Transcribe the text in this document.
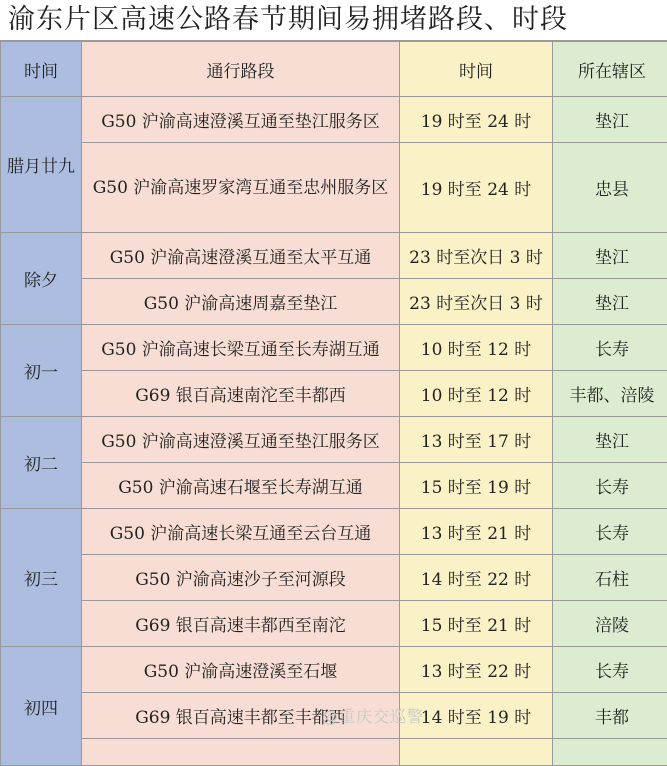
渝东片区高速公路春节期间易拥堵路段、时段
时间	通行路段	时间	所在辖区
腊月廿九	G50 沪渝高速澄溪互通至垫江服务区	19 时至 24 时	垫江
	G50 沪渝高速罗家湾互通至忠州服务区	19 时至 24 时	忠县
除夕	G50 沪渝高速澄溪互通至太平互通	23 时至次日 3 时	垫江
	G50 沪渝高速周嘉至垫江	23 时至次日 3 时	垫江
初一	G50 沪渝高速长梁互通至长寿湖互通	10 时至 12 时	长寿
	G69 银百高速南沱至丰都西	10 时至 12 时	丰都、涪陵
初二	G50 沪渝高速澄溪互通至垫江服务区	13 时至 17 时	垫江
	G50 沪渝高速石堰至长寿湖互通	15 时至 19 时	长寿
初三	G50 沪渝高速长梁互通至云台互通	13 时至 21 时	长寿
	G50 沪渝高速沙子至河源段	14 时至 22 时	石柱
	G69 银百高速丰都西至南沱	15 时至 21 时	涪陵
初四	G50 沪渝高速澄溪至石堰	13 时至 22 时	长寿
	G69 银百高速丰都至丰都西	14 时至 19 时	丰都

@重庆交巡警
